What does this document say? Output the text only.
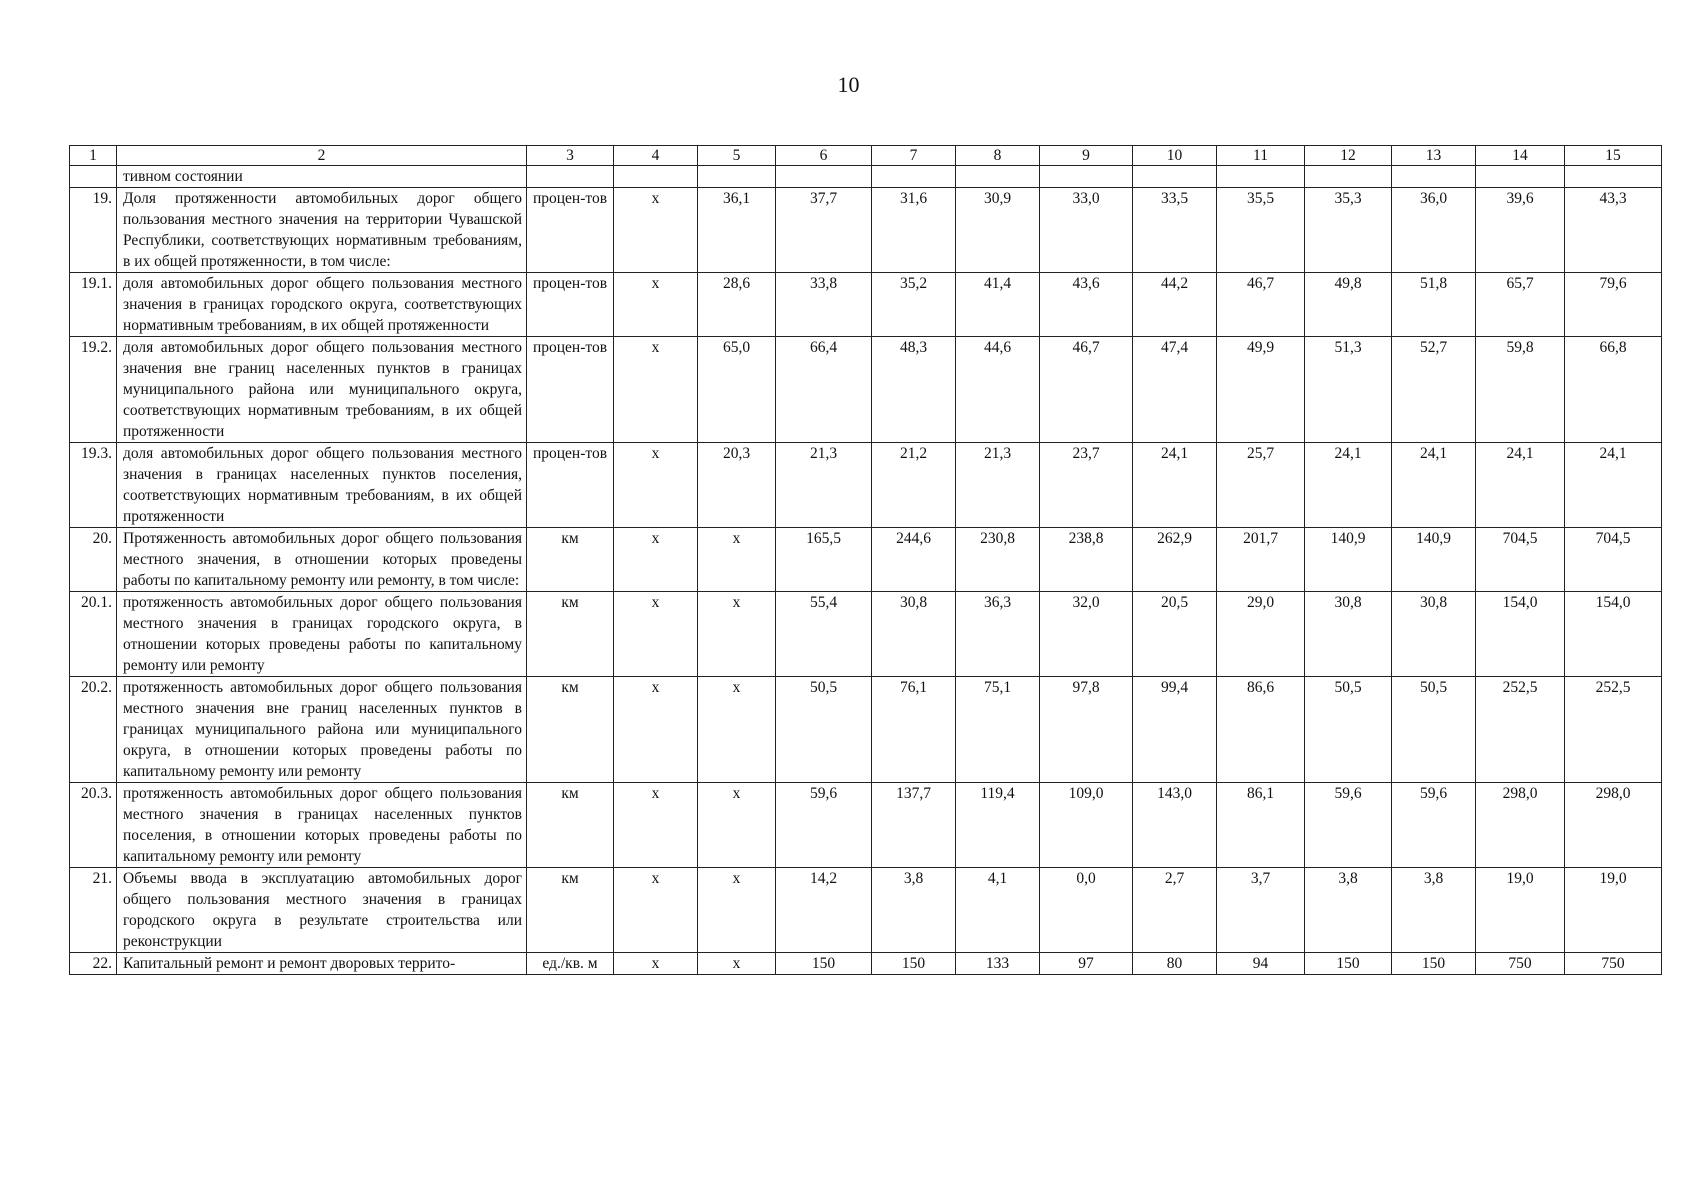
10
1	2	3	4	5	6	7	8	9	10	11	12	13	14	15
	тивном состоянии													
19.	Доля протяженности автомобильных дорог общего пользования местного значения на территории Чувашской Республики, соответствующих нормативным требованиям, в их общей протяженности, в том числе:	процен-тов	х	36,1	37,7	31,6	30,9	33,0	33,5	35,5	35,3	36,0	39,6	43,3
19.1.	доля автомобильных дорог общего пользования местного значения в границах городского округа, соответствующих нормативным требованиям, в их общей протяженности	процен-тов	х	28,6	33,8	35,2	41,4	43,6	44,2	46,7	49,8	51,8	65,7	79,6
19.2.	доля автомобильных дорог общего пользования местного значения вне границ населенных пунктов в границах муниципального района или муниципального округа, соответствующих нормативным требованиям, в их общей протяженности	процен-тов	х	65,0	66,4	48,3	44,6	46,7	47,4	49,9	51,3	52,7	59,8	66,8
19.3.	доля автомобильных дорог общего пользования местного значения в границах населенных пунктов поселения, соответствующих нормативным требованиям, в их общей протяженности	процен-тов	х	20,3	21,3	21,2	21,3	23,7	24,1	25,7	24,1	24,1	24,1	24,1
20.	Протяженность автомобильных дорог общего пользования местного значения, в отношении которых проведены работы по капитальному ремонту или ремонту, в том числе:	км	х	х	165,5	244,6	230,8	238,8	262,9	201,7	140,9	140,9	704,5	704,5
20.1.	протяженность автомобильных дорог общего пользования местного значения в границах городского округа, в отношении которых проведены работы по капитальному ремонту или ремонту	км	х	х	55,4	30,8	36,3	32,0	20,5	29,0	30,8	30,8	154,0	154,0
20.2.	протяженность автомобильных дорог общего пользования местного значения вне границ населенных пунктов в границах муниципального района или муниципального округа, в отношении которых проведены работы по капитальному ремонту или ремонту	км	х	х	50,5	76,1	75,1	97,8	99,4	86,6	50,5	50,5	252,5	252,5
20.3.	протяженность автомобильных дорог общего пользования местного значения в границах населенных пунктов поселения, в отношении которых проведены работы по капитальному ремонту или ремонту	км	х	х	59,6	137,7	119,4	109,0	143,0	86,1	59,6	59,6	298,0	298,0
21.	Объемы ввода в эксплуатацию автомобильных дорог общего пользования местного значения в границах городского округа в результате строительства или реконструкции	км	х	х	14,2	3,8	4,1	0,0	2,7	3,7	3,8	3,8	19,0	19,0
22.	Капитальный ремонт и ремонт дворовых террито-	ед./кв. м	х	х	150	150	133	97	80	94	150	150	750	750
